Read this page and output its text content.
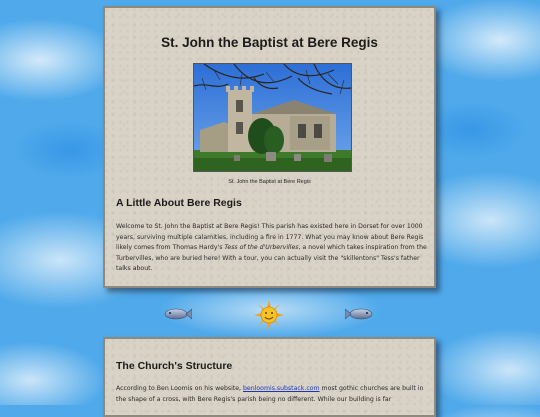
St. John the Baptist at Bere Regis
St. John the Baptist at Bere Regis
A Little About Bere Regis

Welcome to St. John the Baptist at Bere Regis! This parish has existed here in Dorset for over 1000 years, surviving multiple calamities, including a fire in 1777. What you may know about Bere Regis likely comes from Thomas Hardy's Tess of the d'Urbervilles, a novel which takes inspiration from the Turbervilles, who are buried here! With a tour, you can actually visit the "skillentons" Tess's father talks about.

The Church's Structure

According to Ben Loomis on his website, benloomis.substack.com most gothic churches are built in the shape of a cross, with Bere Regis's parish being no different. While our building is far
